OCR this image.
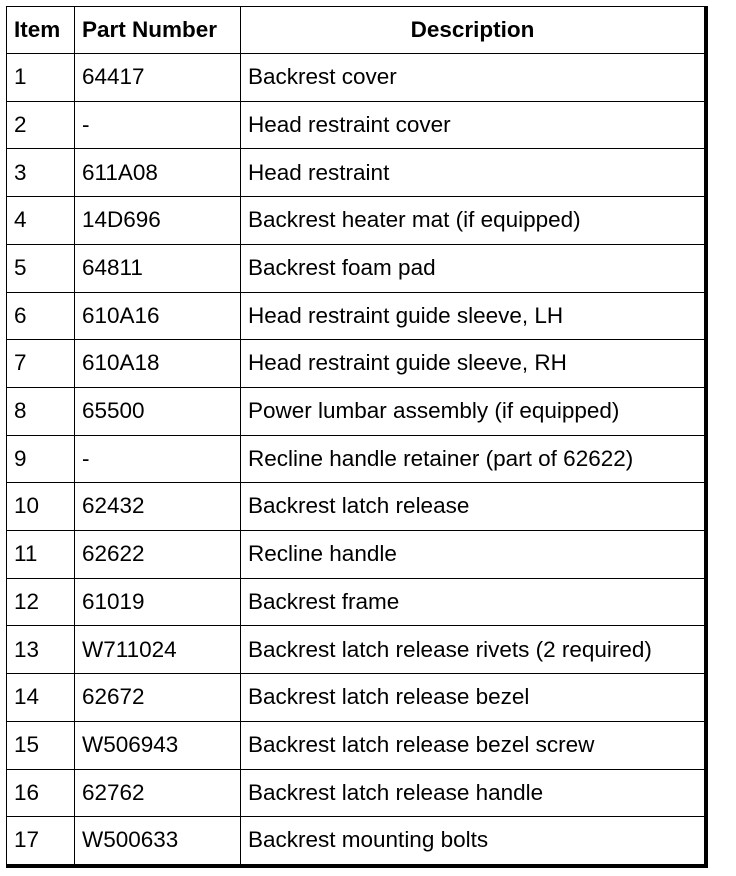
Item	Part Number	Description
1	64417	Backrest cover
2	-	Head restraint cover
3	611A08	Head restraint
4	14D696	Backrest heater mat (if equipped)
5	64811	Backrest foam pad
6	610A16	Head restraint guide sleeve, LH
7	610A18	Head restraint guide sleeve, RH
8	65500	Power lumbar assembly (if equipped)
9	-	Recline handle retainer (part of 62622)
10	62432	Backrest latch release
11	62622	Recline handle
12	61019	Backrest frame
13	W711024	Backrest latch release rivets (2 required)
14	62672	Backrest latch release bezel
15	W506943	Backrest latch release bezel screw
16	62762	Backrest latch release handle
17	W500633	Backrest mounting bolts
